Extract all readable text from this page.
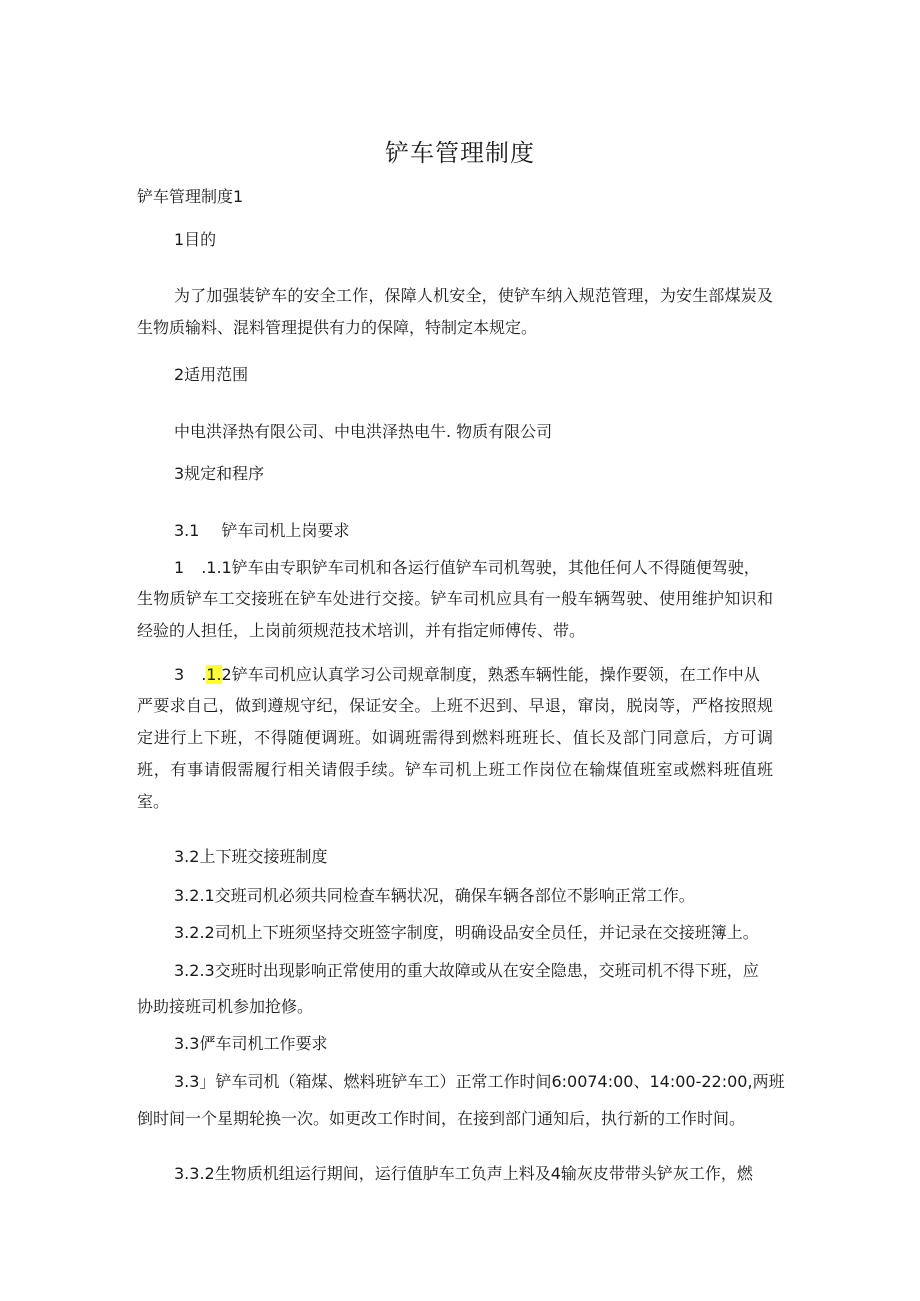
铲车管理制度
铲车管理制度1
1目的
为了加强装铲车的安全工作，保障人机安全，使铲车纳入规范管理，为安生部煤炭及生物质输料、混料管理提供有力的保障，特制定本规定。
2适用范围
中电洪泽热有限公司、中电洪泽热电牛. 物质有限公司
3规定和程序
3.1 铲车司机上岗要求
1 .1.1铲车由专职铲车司机和各运行值铲车司机驾驶，其他任何人不得随便驾驶，
生物质铲车工交接班在铲车处进行交接。铲车司机应具有一般车辆驾驶、使用维护知识和经验的人担任，上岗前须规范技术培训，并有指定师傅传、带。
3 .1.2铲车司机应认真学习公司规章制度，熟悉车辆性能，操作要领，在工作中从
严要求自己，做到遵规守纪，保证安全。上班不迟到、早退，窜岗，脱岗等，严格按照规定进行上下班，不得随便调班。如调班需得到燃料班班长、值长及部门同意后，方可调班，有事请假需履行相关请假手续。铲车司机上班工作岗位在输煤值班室或燃料班值班室。
3.2上下班交接班制度
3.2.1交班司机必须共同检查车辆状况，确保车辆各部位不影响正常工作。
3.2.2司机上下班须坚持交班签字制度，明确设品安全员任，并记录在交接班簿上。
3.2.3交班时出现影响正常使用的重大故障或从在安全隐患，交班司机不得下班，应
协助接班司机参加抢修。
3.3俨车司机工作要求
3.3」铲车司机（箱煤、燃料班铲车工）正常工作时间6:0074:00、14:00-22:00,两班
倒时间一个星期轮换一次。如更改工作时间，在接到部门通知后，执行新的工作时间。
3.3.2生物质机组运行期间，运行值胪车工负声上料及4输灰皮带带头铲灰工作，燃
